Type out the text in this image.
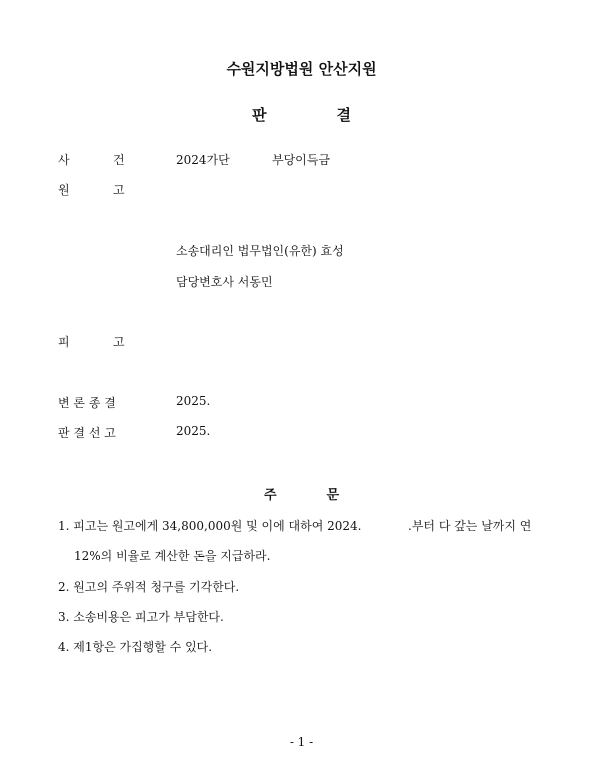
수원지방법원 안산지원
판결
사	건	2024가단	부당이득금
원	고
소송대리인 법무법인(유한) 효성
담당변호사 서동민
피	고
변 론 종 결	2025.
판 결 선 고	2025.
주문
1. 피고는 원고에게 34,800,000원 및 이에 대하여 2024.	.부터 다 갚는 날까지 연
12%의 비율로 계산한 돈을 지급하라.
2. 원고의 주위적 청구를 기각한다.
3. 소송비용은 피고가 부담한다.
4. 제1항은 가집행할 수 있다.
- 1 -
